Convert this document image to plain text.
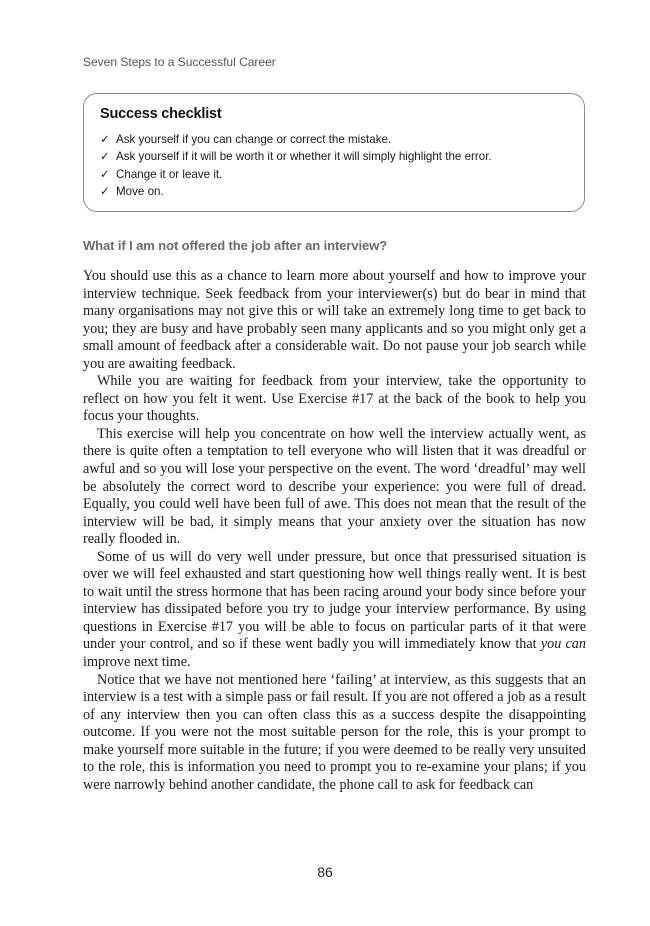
Seven Steps to a Successful Career
Success checklist
✓ Ask yourself if you can change or correct the mistake.
✓ Ask yourself if it will be worth it or whether it will simply highlight the error.
✓ Change it or leave it.
✓ Move on.
What if I am not offered the job after an interview?

You should use this as a chance to learn more about yourself and how to improve your interview technique. Seek feedback from your interviewer(s) but do bear in mind that many organisations may not give this or will take an extremely long time to get back to you; they are busy and have probably seen many applicants and so you might only get a small amount of feedback after a considerable wait. Do not pause your job search while you are awaiting feedback.

While you are waiting for feedback from your interview, take the opportunity to reflect on how you felt it went. Use Exercise #17 at the back of the book to help you focus your thoughts.

This exercise will help you concentrate on how well the interview actually went, as there is quite often a temptation to tell everyone who will listen that it was dreadful or awful and so you will lose your perspective on the event. The word ‘dreadful’ may well be absolutely the correct word to describe your experience: you were full of dread. Equally, you could well have been full of awe. This does not mean that the result of the interview will be bad, it simply means that your anxiety over the situation has now really flooded in.

Some of us will do very well under pressure, but once that pressurised situation is over we will feel exhausted and start questioning how well things really went. It is best to wait until the stress hormone that has been racing around your body since before your interview has dissipated before you try to judge your interview performance. By using questions in Exercise #17 you will be able to focus on particular parts of it that were under your control, and so if these went badly you will immediately know that you can improve next time.

Notice that we have not mentioned here ‘failing’ at interview, as this suggests that an interview is a test with a simple pass or fail result. If you are not offered a job as a result of any interview then you can often class this as a success despite the disappointing outcome. If you were not the most suitable person for the role, this is your prompt to make yourself more suitable in the future; if you were deemed to be really very unsuited to the role, this is information you need to prompt you to re-examine your plans; if you were narrowly behind another candidate, the phone call to ask for feedback can

86
